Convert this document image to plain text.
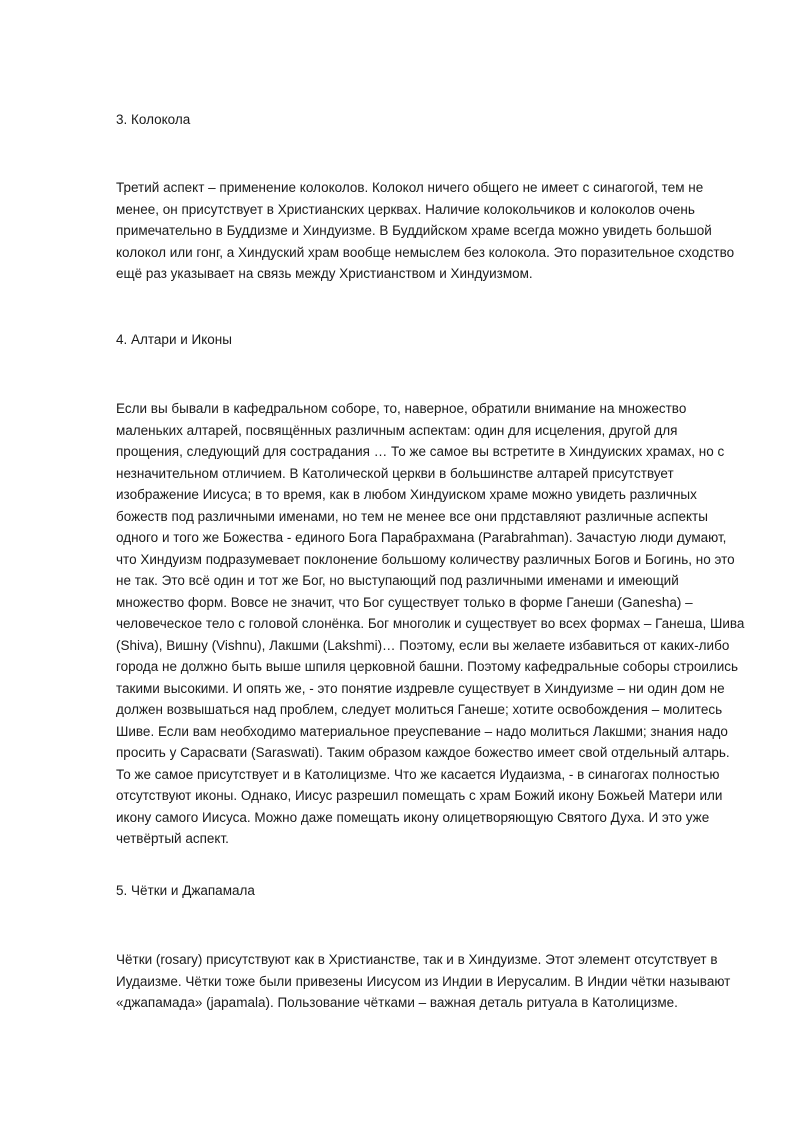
3. Колокола
Третий аспект – применение колоколов. Колокол ничего общего не имеет с синагогой, тем не
менее, он присутствует в Христианских церквах. Наличие колокольчиков и колоколов очень
примечательно в Буддизме и Хиндуизме. В Буддийском храме всегда можно увидеть большой
колокол или гонг, а Хиндуский храм вообще немыслем без колокола. Это поразительное сходство
ещё раз указывает на связь между Христианством и Хиндуизмом.
4. Алтари и Иконы
Если вы бывали в кафедральном соборе, то, наверное, обратили внимание на множество
маленьких алтарей, посвящённых различным аспектам: один для исцеления, другой для
прощения, следующий для сострадания … То же самое вы встретите в Хиндуиских храмах, но с
незначительном отличием. В Католической церкви в большинстве алтарей присутствует
изображение Иисуса; в то время, как в любом Хиндуиском храме можно увидеть различных
божеств под различными именами, но тем не менее все они прдставляют различные аспекты
одного и того же Божества - единого Бога Парабрахмана (Parabrahman). Зачастую люди думают,
что Хиндуизм подразумевает поклонение большому количеству различных Богов и Богинь, но это
не так. Это всё один и тот же Бог, но выступающий под различными именами и имеющий
множество форм. Вовсе не значит, что Бог существует только в форме Ганеши (Ganesha) –
человеческое тело с головой слонёнка. Бог многолик и существует во всех формах – Ганеша, Шива
(Shiva), Вишну (Vishnu), Лакшми (Lakshmi)… Поэтому, если вы желаете избавиться от каких-либо
города не должно быть выше шпиля церковной башни. Поэтому кафедральные соборы строились
такими высокими. И опять же, - это понятие издревле существует в Хиндуизме – ни один дом не
должен возвышаться над проблем, следует молиться Ганеше; хотите освобождения – молитесь
Шиве. Если вам необходимо материальное преуспевание – надо молиться Лакшми; знания надо
просить у Сарасвати (Saraswati). Таким образом каждое божество имеет свой отдельный алтарь.
То же самое присутствует и в Католицизме. Что же касается Иудаизма, - в синагогах полностью
отсутствуют иконы. Однако, Иисус разрешил помещать с храм Божий икону Божьей Матери или
икону самого Иисуса. Можно даже помещать икону олицетворяющую Святого Духа. И это уже
четвёртый аспект.
5. Чётки и Джапамала
Чётки (rosary) присутствуют как в Христианстве, так и в Хиндуизме. Этот элемент отсутствует в
Иудаизме. Чётки тоже были привезены Иисусом из Индии в Иерусалим. В Индии чётки называют
«джапамада» (japamala). Пользование чётками – важная деталь ритуала в Католицизме.
